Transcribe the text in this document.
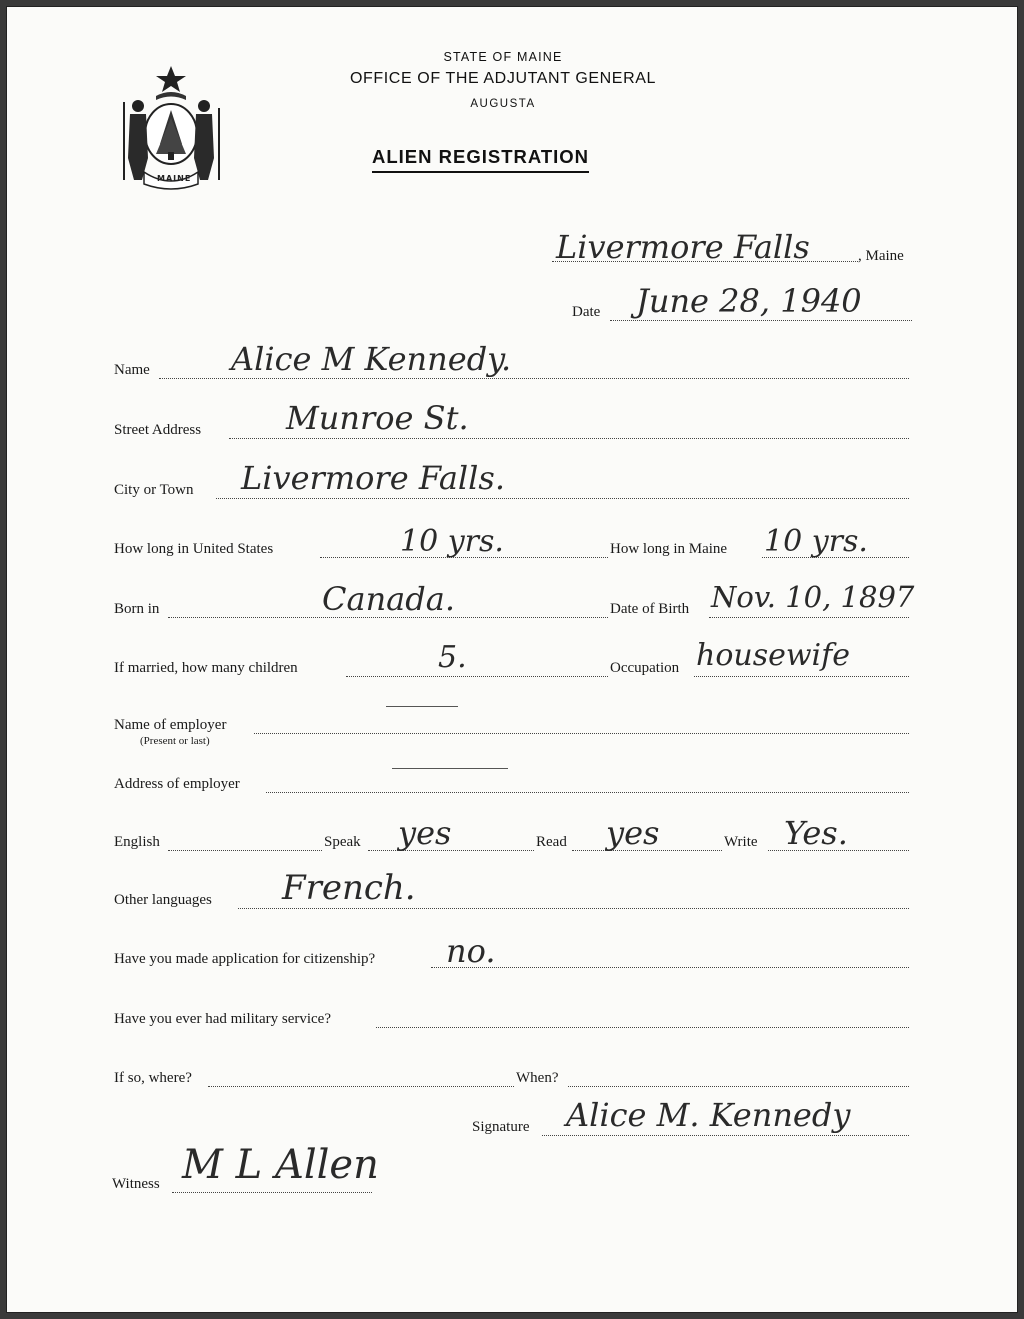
MAINE
STATE OF MAINE
OFFICE OF THE ADJUTANT GENERAL
AUGUSTA
ALIEN REGISTRATION
Livermore Falls	, Maine
Date June 28, 1940
Name	Alice M Kennedy.
Street Address	Munroe St.
City or Town Livermore Falls.
How long in United States	10 yrs.	How long in Maine 10 yrs.
Born in	Canada.	Date of Birth Nov. 10, 1897
If married, how many children	5.	Occupation housewife
Name of employer
(Present or last)
Address of employer
English	Speak yes	Read yes	Write Yes.
Other languages French.
Have you made application for citizenship? no.
Have you ever had military service?
If so, where?	When?
Signature Alice M. Kennedy
Witness M L Allen
